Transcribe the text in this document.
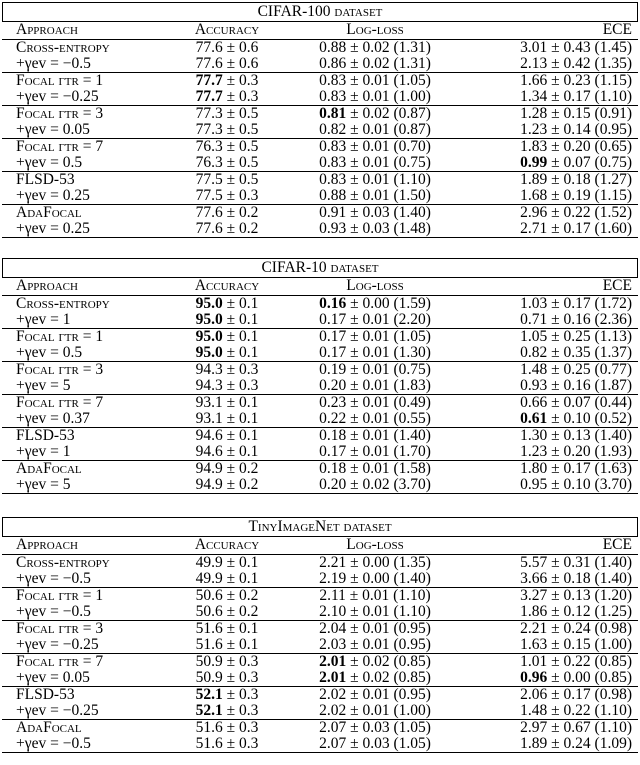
CIFAR-100 dataset
Approach	Accuracy	Log-loss	ECE
Cross-entropy	77.6 ± 0.6	0.88 ± 0.02 (1.31)	3.01 ± 0.43 (1.45)
+γev = −0.5	77.6 ± 0.6	0.86 ± 0.02 (1.31)	2.13 ± 0.42 (1.35)
Focal γtr = 1	77.7 ± 0.3	0.83 ± 0.01 (1.05)	1.66 ± 0.23 (1.15)
+γev = −0.25	77.7 ± 0.3	0.83 ± 0.01 (1.00)	1.34 ± 0.17 (1.10)
Focal γtr = 3	77.3 ± 0.5	0.81 ± 0.02 (0.87)	1.28 ± 0.15 (0.91)
+γev = 0.05	77.3 ± 0.5	0.82 ± 0.01 (0.87)	1.23 ± 0.14 (0.95)
Focal γtr = 7	76.3 ± 0.5	0.83 ± 0.01 (0.70)	1.83 ± 0.20 (0.65)
+γev = 0.5	76.3 ± 0.5	0.83 ± 0.01 (0.75)	0.99 ± 0.07 (0.75)
FLSD-53	77.5 ± 0.5	0.83 ± 0.01 (1.10)	1.89 ± 0.18 (1.27)
+γev = 0.25	77.5 ± 0.3	0.88 ± 0.01 (1.50)	1.68 ± 0.19 (1.15)
AdaFocal	77.6 ± 0.2	0.91 ± 0.03 (1.40)	2.96 ± 0.22 (1.52)
+γev = 0.25	77.6 ± 0.2	0.93 ± 0.03 (1.48)	2.71 ± 0.17 (1.60)
CIFAR-10 dataset
Approach	Accuracy	Log-loss	ECE
Cross-entropy	95.0 ± 0.1	0.16 ± 0.00 (1.59)	1.03 ± 0.17 (1.72)
+γev = 1	95.0 ± 0.1	0.17 ± 0.01 (2.20)	0.71 ± 0.16 (2.36)
Focal γtr = 1	95.0 ± 0.1	0.17 ± 0.01 (1.05)	1.05 ± 0.25 (1.13)
+γev = 0.5	95.0 ± 0.1	0.17 ± 0.01 (1.30)	0.82 ± 0.35 (1.37)
Focal γtr = 3	94.3 ± 0.3	0.19 ± 0.01 (0.75)	1.48 ± 0.25 (0.77)
+γev = 5	94.3 ± 0.3	0.20 ± 0.01 (1.83)	0.93 ± 0.16 (1.87)
Focal γtr = 7	93.1 ± 0.1	0.23 ± 0.01 (0.49)	0.66 ± 0.07 (0.44)
+γev = 0.37	93.1 ± 0.1	0.22 ± 0.01 (0.55)	0.61 ± 0.10 (0.52)
FLSD-53	94.6 ± 0.1	0.18 ± 0.01 (1.40)	1.30 ± 0.13 (1.40)
+γev = 1	94.6 ± 0.1	0.17 ± 0.01 (1.70)	1.23 ± 0.20 (1.93)
AdaFocal	94.9 ± 0.2	0.18 ± 0.01 (1.58)	1.80 ± 0.17 (1.63)
+γev = 5	94.9 ± 0.2	0.20 ± 0.02 (3.70)	0.95 ± 0.10 (3.70)
TinyImageNet dataset
Approach	Accuracy	Log-loss	ECE
Cross-entropy	49.9 ± 0.1	2.21 ± 0.00 (1.35)	5.57 ± 0.31 (1.40)
+γev = −0.5	49.9 ± 0.1	2.19 ± 0.00 (1.40)	3.66 ± 0.18 (1.40)
Focal γtr = 1	50.6 ± 0.2	2.11 ± 0.01 (1.10)	3.27 ± 0.13 (1.20)
+γev = −0.5	50.6 ± 0.2	2.10 ± 0.01 (1.10)	1.86 ± 0.12 (1.25)
Focal γtr = 3	51.6 ± 0.1	2.04 ± 0.01 (0.95)	2.21 ± 0.24 (0.98)
+γev = −0.25	51.6 ± 0.1	2.03 ± 0.01 (0.95)	1.63 ± 0.15 (1.00)
Focal γtr = 7	50.9 ± 0.3	2.01 ± 0.02 (0.85)	1.01 ± 0.22 (0.85)
+γev = 0.05	50.9 ± 0.3	2.01 ± 0.02 (0.85)	0.96 ± 0.00 (0.85)
FLSD-53	52.1 ± 0.3	2.02 ± 0.01 (0.95)	2.06 ± 0.17 (0.98)
+γev = −0.25	52.1 ± 0.3	2.02 ± 0.01 (1.00)	1.48 ± 0.22 (1.10)
AdaFocal	51.6 ± 0.3	2.07 ± 0.03 (1.05)	2.97 ± 0.67 (1.10)
+γev = −0.5	51.6 ± 0.3	2.07 ± 0.03 (1.05)	1.89 ± 0.24 (1.09)
